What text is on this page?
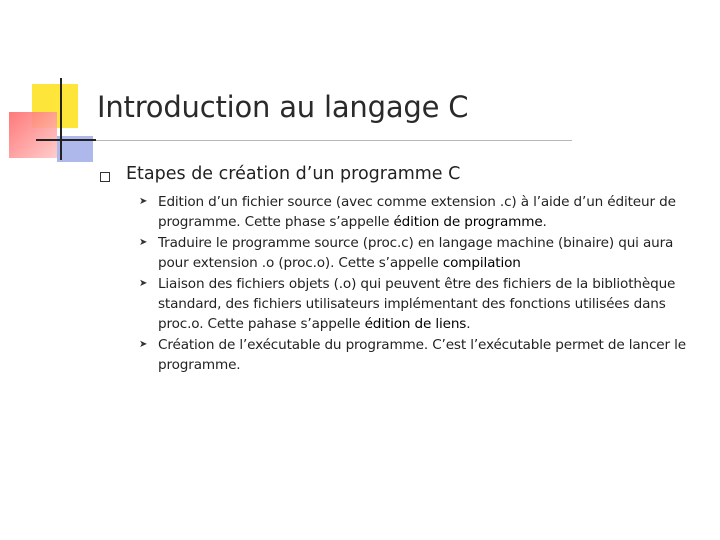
Introduction au langage C

Etapes de création d’un programme C

➤ Edition d’un fichier source (avec comme extension .c) à l’aide d’un éditeur de programme. Cette phase s’appelle édition de programme.
➤ Traduire le programme source (proc.c) en langage machine (binaire) qui aura pour extension .o (proc.o). Cette s’appelle compilation
➤ Liaison des fichiers objets (.o) qui peuvent être des fichiers de la bibliothèque standard, des fichiers utilisateurs implémentant des fonctions utilisées dans proc.o. Cette pahase s’appelle édition de liens.
➤ Création de l’exécutable du programme. C’est l’exécutable permet de lancer le programme.
